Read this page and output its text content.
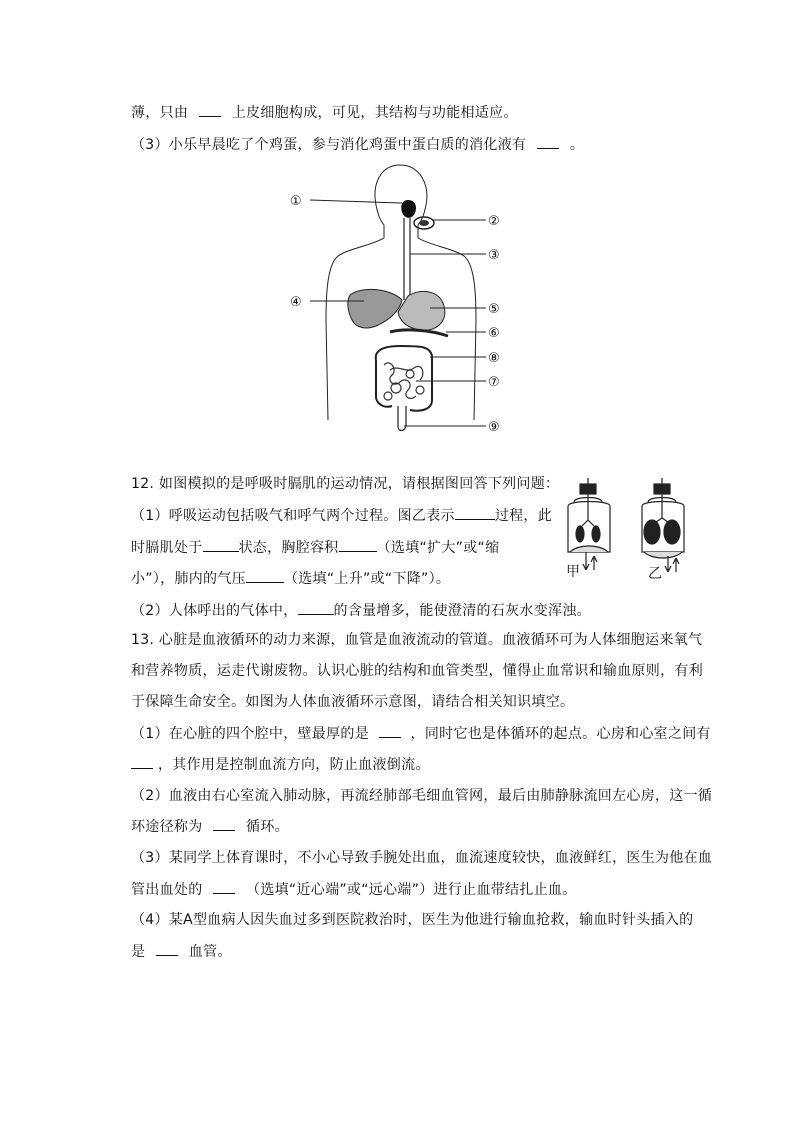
薄，只由	上皮细胞构成，可见，其结构与功能相适应。
（3）小乐早晨吃了个鸡蛋，参与消化鸡蛋中蛋白质的消化液有	。
①
②
③
④	⑤
⑥
⑧
⑦
⑨
12. 如图模拟的是呼吸时膈肌的运动情况，请根据图回答下列问题：
（1）呼吸运动包括吸气和呼气两个过程。图乙表示	过程，此
时膈肌处于	状态，胸腔容积	（选填“扩大”或“缩
小”），肺内的气压	（选填“上升”或“下降”）。
（2）人体呼出的气体中，	的含量增多，能使澄清的石灰水变浑浊。
甲	乙
13. 心脏是血液循环的动力来源，血管是血液流动的管道。血液循环可为人体细胞运来氧气
和营养物质，运走代谢废物。认识心脏的结构和血管类型，懂得止血常识和输血原则，有利
于保障生命安全。如图为人体血液循环示意图，请结合相关知识填空。
（1）在心脏的四个腔中，壁最厚的是	，同时它也是体循环的起点。心房和心室之间有
，其作用是控制血流方向，防止血液倒流。
（2）血液由右心室流入肺动脉，再流经肺部毛细血管网，最后由肺静脉流回左心房，这一循
环途径称为	循环。
（3）某同学上体育课时，不小心导致手腕处出血，血流速度较快，血液鲜红，医生为他在血
管出血处的	（选填“近心端”或“远心端”）进行止血带结扎止血。
（4）某A型血病人因失血过多到医院救治时，医生为他进行输血抢救，输血时针头插入的
是	血管。
